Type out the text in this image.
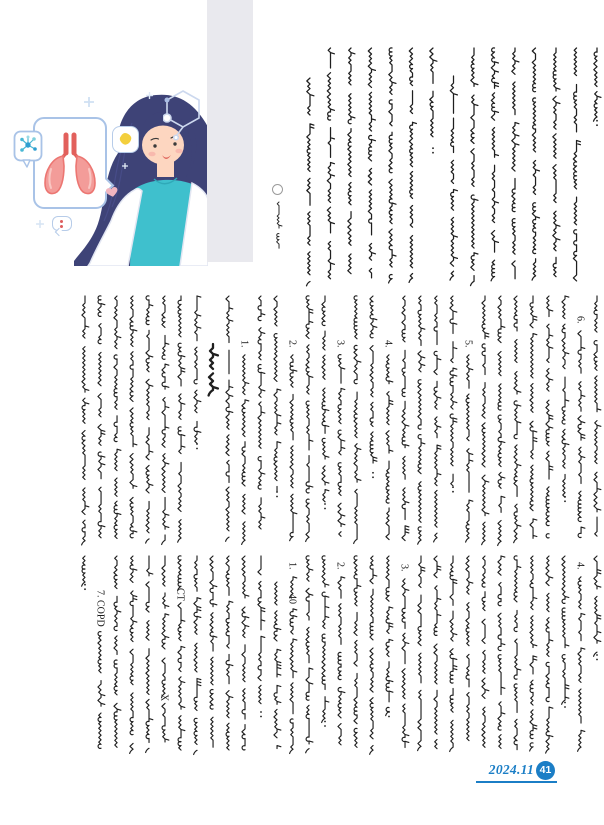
1.	2.	3.	4.	5.
6.
7. COPD
X
CT
1.
40
2.	3.	4.
2024.11 41
